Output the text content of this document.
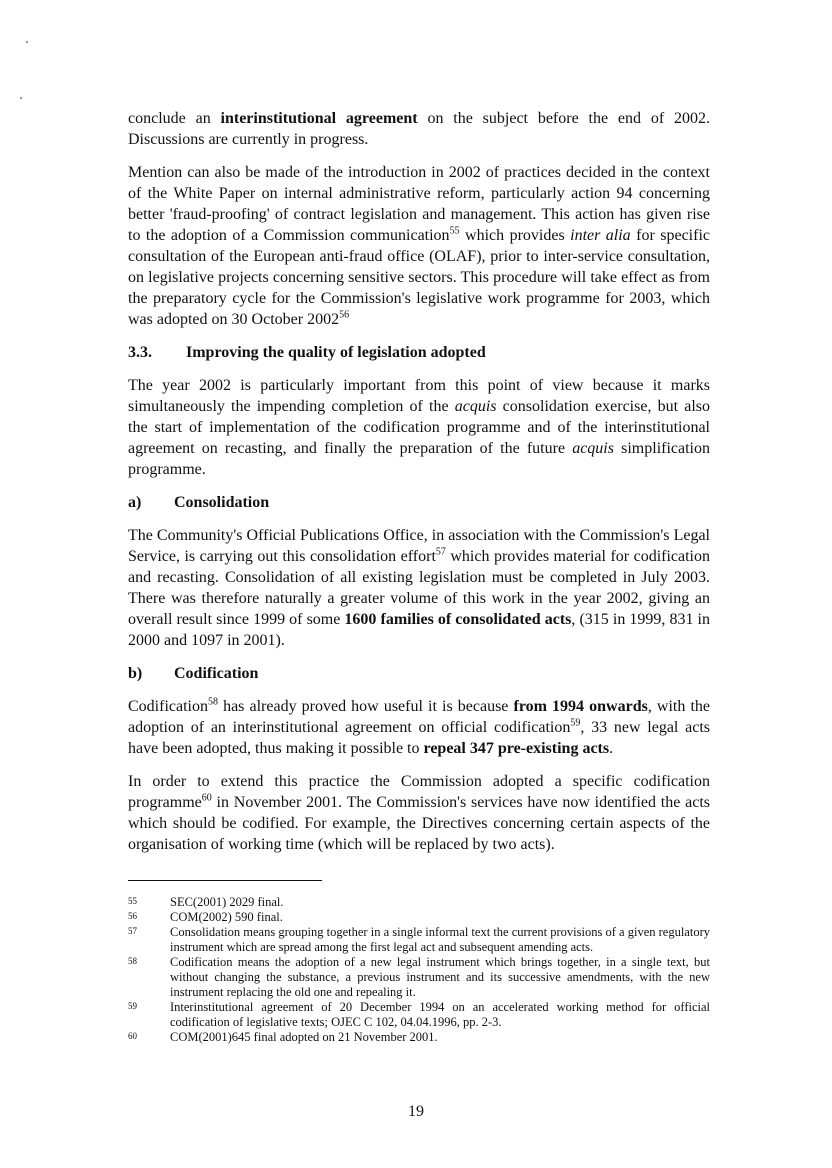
conclude an interinstitutional agreement on the subject before the end of 2002. Discussions are currently in progress.

Mention can also be made of the introduction in 2002 of practices decided in the context of the White Paper on internal administrative reform, particularly action 94 concerning better 'fraud-proofing' of contract legislation and management. This action has given rise to the adoption of a Commission communication$^{55}$ which provides inter alia for specific consultation of the European anti-fraud office (OLAF), prior to inter-service consultation, on legislative projects concerning sensitive sectors. This procedure will take effect as from the preparatory cycle for the Commission's legislative work programme for 2003, which was adopted on 30 October 2002$^{56}$

3.3.	Improving the quality of legislation adopted

The year 2002 is particularly important from this point of view because it marks simultaneously the impending completion of the acquis consolidation exercise, but also the start of implementation of the codification programme and of the interinstitutional agreement on recasting, and finally the preparation of the future acquis simplification programme.

a)	Consolidation

The Community's Official Publications Office, in association with the Commission's Legal Service, is carrying out this consolidation effort$^{57}$ which provides material for codification and recasting. Consolidation of all existing legislation must be completed in July 2003. There was therefore naturally a greater volume of this work in the year 2002, giving an overall result since 1999 of some 1600 families of consolidated acts, (315 in 1999, 831 in 2000 and 1097 in 2001).

b)	Codification

Codification$^{58}$ has already proved how useful it is because from 1994 onwards, with the adoption of an interinstitutional agreement on official codification$^{59}$, 33 new legal acts have been adopted, thus making it possible to repeal 347 pre-existing acts.

In order to extend this practice the Commission adopted a specific codification programme$^{60}$ in November 2001. The Commission's services have now identified the acts which should be codified. For example, the Directives concerning certain aspects of the organisation of working time (which will be replaced by two acts).

55	SEC(2001) 2029 final.
56	COM(2002) 590 final.
57	Consolidation means grouping together in a single informal text the current provisions of a given regulatory instrument which are spread among the first legal act and subsequent amending acts.
58	Codification means the adoption of a new legal instrument which brings together, in a single text, but without changing the substance, a previous instrument and its successive amendments, with the new instrument replacing the old one and repealing it.
59	Interinstitutional agreement of 20 December 1994 on an accelerated working method for official codification of legislative texts; OJEC C 102, 04.04.1996, pp. 2-3.
60	COM(2001)645 final adopted on 21 November 2001.
19
